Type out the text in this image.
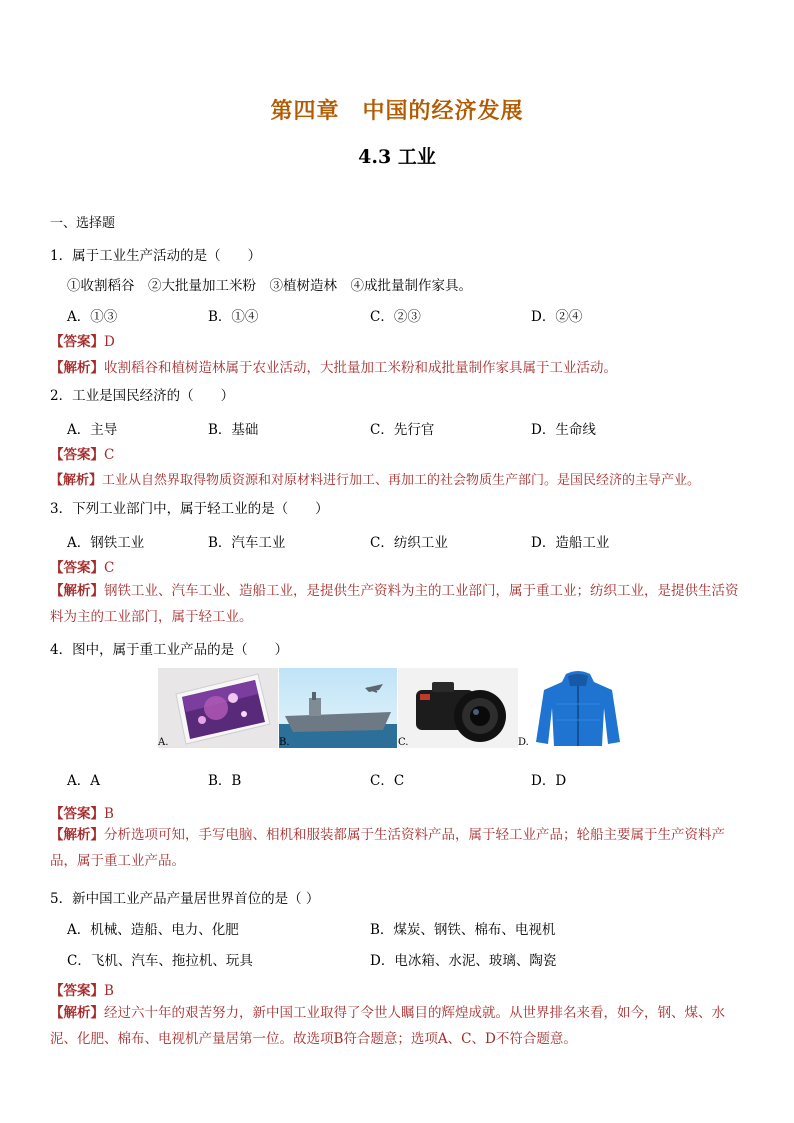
第四章　中国的经济发展
4.3 工业
一、选择题
1．属于工业生产活动的是（　　）
①收割稻谷　②大批量加工米粉　③植树造林　④成批量制作家具。
A．①③	B．①④	C．②③	D．②④
【答案】D
【解析】收割稻谷和植树造林属于农业活动，大批量加工米粉和成批量制作家具属于工业活动。
2．工业是国民经济的（　　）
A．主导	B．基础	C．先行官	D．生命线
【答案】C
【解析】工业从自然界取得物质资源和对原材料进行加工、再加工的社会物质生产部门。是国民经济的主导产业。
3．下列工业部门中，属于轻工业的是（　　）
A．钢铁工业	B．汽车工业	C．纺织工业	D．造船工业
【答案】C
【解析】钢铁工业、汽车工业、造船工业，是提供生产资料为主的工业部门，属于重工业；纺织工业，是提供生活资料为主的工业部门，属于轻工业。
4．图中，属于重工业产品的是（　　）
A.	B.	C.	D.
A．A	B．B	C．C	D．D
【答案】B
【解析】分析选项可知，手写电脑、相机和服装都属于生活资料产品，属于轻工业产品；轮船主要属于生产资料产品，属于重工业产品。
5．新中国工业产品产量居世界首位的是（ ）
A．机械、造船、电力、化肥	B．煤炭、钢铁、棉布、电视机
C．飞机、汽车、拖拉机、玩具	D．电冰箱、水泥、玻璃、陶瓷
【答案】B
【解析】经过六十年的艰苦努力，新中国工业取得了令世人瞩目的辉煌成就。从世界排名来看，如今，钢、煤、水泥、化肥、棉布、电视机产量居第一位。故选项B符合题意；选项A、C、D不符合题意。
